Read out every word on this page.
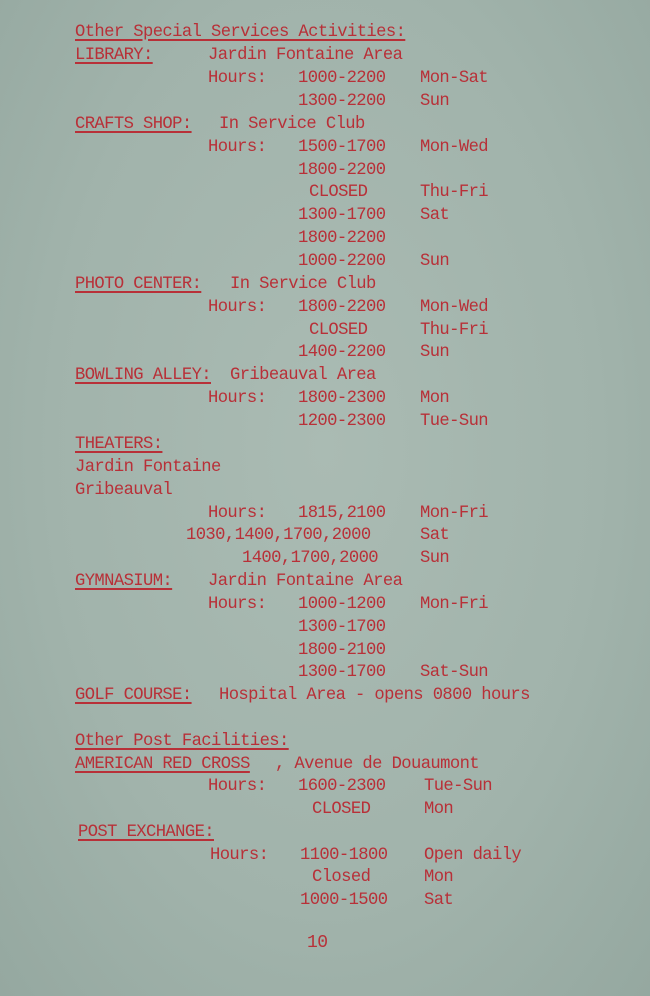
Other Special Services Activities:
LIBRARY:	Jardin Fontaine Area
Hours: 1000-2200 Mon-Sat
1300-2200 Sun
CRAFTS SHOP: In Service Club
Hours: 1500-1700 Mon-Wed
1800-2200
CLOSED	Thu-Fri
1300-1700 Sat
1800-2200
1000-2200 Sun
PHOTO CENTER: In Service Club
Hours: 1800-2200 Mon-Wed
CLOSED	Thu-Fri
1400-2200 Sun
BOWLING ALLEY: Gribeauval Area
Hours: 1800-2300 Mon
1200-2300 Tue-Sun
THEATERS:
Jardin Fontaine
Gribeauval
Hours: 1815,2100 Mon-Fri
1030,1400,1700,2000	Sat
1400,1700,2000 Sun
GYMNASIUM: Jardin Fontaine Area
Hours: 1000-1200 Mon-Fri
1300-1700
1800-2100
1300-1700 Sat-Sun
GOLF COURSE: Hospital Area - opens 0800 hours
Other Post Facilities:
AMERICAN RED CROSS , Avenue de Douaumont
Hours: 1600-2300 Tue-Sun
CLOSED	Mon
POST EXCHANGE:
Hours: 1100-1800 Open daily
Closed	Mon
1000-1500 Sat
10
